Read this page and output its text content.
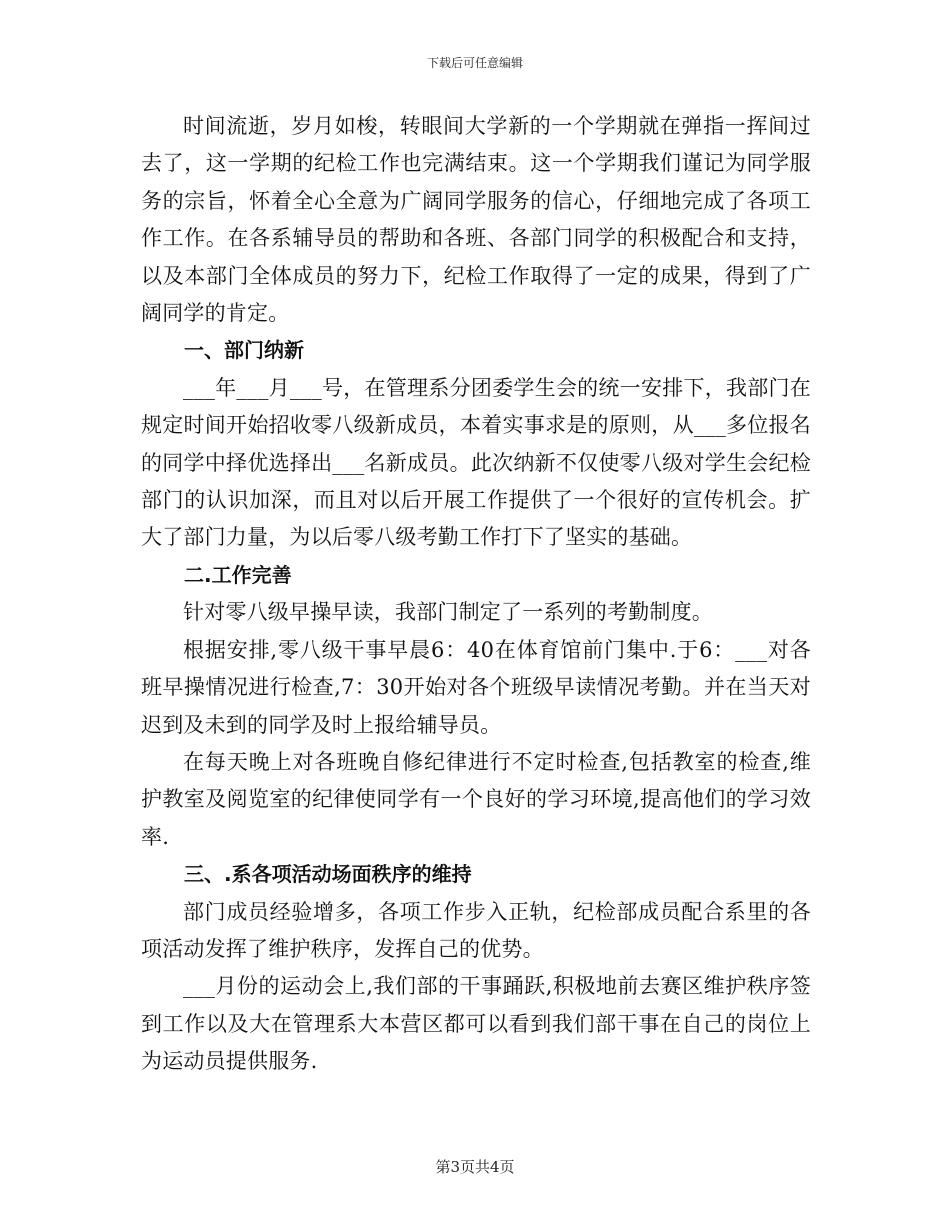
下载后可任意编辑

时间流逝，岁月如梭，转眼间大学新的一个学期就在弹指一挥间过去了，这一学期的纪检工作也完满结束。这一个学期我们谨记为同学服务的宗旨，怀着全心全意为广阔同学服务的信心，仔细地完成了各项工作工作。在各系辅导员的帮助和各班、各部门同学的积极配合和支持，以及本部门全体成员的努力下，纪检工作取得了一定的成果，得到了广阔同学的肯定。

一、部门纳新

___年___月___号，在管理系分团委学生会的统一安排下，我部门在规定时间开始招收零八级新成员，本着实事求是的原则，从___多位报名的同学中择优选择出___名新成员。此次纳新不仅使零八级对学生会纪检部门的认识加深，而且对以后开展工作提供了一个很好的宣传机会。扩大了部门力量，为以后零八级考勤工作打下了坚实的基础。

二.工作完善

针对零八级早操早读，我部门制定了一系列的考勤制度。

根据安排,零八级干事早晨6：40在体育馆前门集中.于6：___对各班早操情况进行检查,7：30开始对各个班级早读情况考勤。并在当天对迟到及未到的同学及时上报给辅导员。

在每天晚上对各班晚自修纪律进行不定时检查,包括教室的检查,维护教室及阅览室的纪律使同学有一个良好的学习环境,提高他们的学习效率.

三、.系各项活动场面秩序的维持

部门成员经验增多，各项工作步入正轨，纪检部成员配合系里的各项活动发挥了维护秩序，发挥自己的优势。

___月份的运动会上,我们部的干事踊跃,积极地前去赛区维护秩序签到工作以及大在管理系大本营区都可以看到我们部干事在自己的岗位上为运动员提供服务.

第3页共4页
